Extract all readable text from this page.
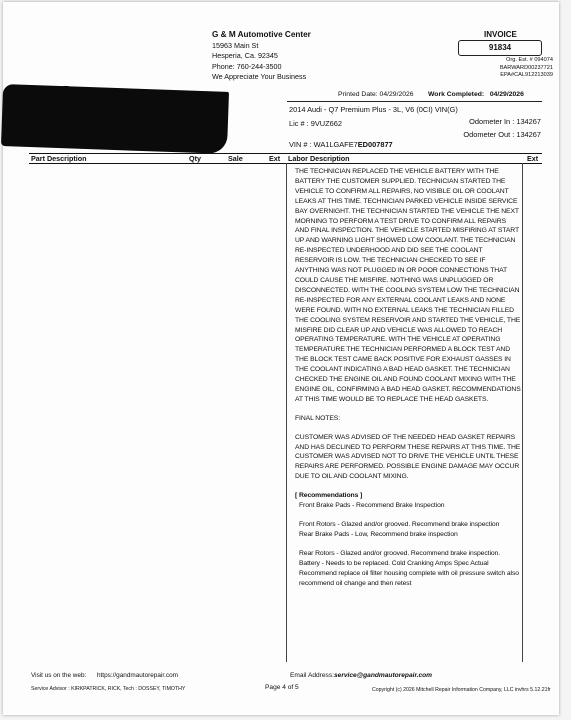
G & M Automotive Center
15963 Main St
Hesperia, Ca. 92345
Phone: 760-244-3500
We Appreciate Your Business
INVOICE
91834
Org. Est. # 094074
BARWARD00237721
EPA#CAL912213039
Printed Date: 04/29/2026 Work Completed: 04/29/2026
2014 Audi - Q7 Premium Plus - 3L, V6 (0CI) VIN(G)
Lic # : 9VUZ662	Odometer In : 134267
Odometer Out : 134267
VIN # : WA1LGAFE7ED007877
Part Description	Qty	Sale	Ext Labor Description	Ext

THE TECHNICIAN REPLACED THE VEHICLE BATTERY WITH THE BATTERY THE CUSTOMER SUPPLIED. TECHNICIAN STARTED THE VEHICLE TO CONFIRM ALL REPAIRS, NO VISIBLE OIL OR COOLANT LEAKS AT THIS TIME. TECHNICIAN PARKED VEHICLE INSIDE SERVICE BAY OVERNIGHT. THE TECHNICIAN STARTED THE VEHICLE THE NEXT MORNING TO PERFORM A TEST DRIVE TO CONFIRM ALL REPAIRS AND FINAL INSPECTION. THE VEHICLE STARTED MISFIRING AT START UP AND WARNING LIGHT SHOWED LOW COOLANT. THE TECHNICIAN RE-INSPECTED UNDERHOOD AND DID SEE THE COOLANT RESERVOIR IS LOW. THE TECHNICIAN CHECKED TO SEE IF ANYTHING WAS NOT PLUGGED IN OR POOR CONNECTIONS THAT COULD CAUSE THE MISFIRE. NOTHING WAS UNPLUGGED OR DISCONNECTED. WITH THE COOLING SYSTEM LOW THE TECHNICIAN RE-INSPECTED FOR ANY EXTERNAL COOLANT LEAKS AND NONE WERE FOUND. WITH NO EXTERNAL LEAKS THE TECHNICIAN FILLED THE COOLING SYSTEM RESERVOIR AND STARTED THE VEHICLE, THE MISFIRE DID CLEAR UP AND VEHICLE WAS ALLOWED TO REACH OPERATING TEMPERATURE. WITH THE VEHICLE AT OPERATING TEMPERATURE THE TECHNICIAN PERFORMED A BLOCK TEST AND THE BLOCK TEST CAME BACK POSITIVE FOR EXHAUST GASSES IN THE COOLANT INDICATING A BAD HEAD GASKET. THE TECHNICIAN CHECKED THE ENGINE OIL AND FOUND COOLANT MIXING WITH THE ENGINE OIL, CONFIRMING A BAD HEAD GASKET. RECOMMENDATIONS AT THIS TIME WOULD BE TO REPLACE THE HEAD GASKETS.

FINAL NOTES:

CUSTOMER WAS ADVISED OF THE NEEDED HEAD GASKET REPAIRS AND HAS DECLINED TO PERFORM THESE REPAIRS AT THIS TIME. THE CUSTOMER WAS ADVISED NOT TO DRIVE THE VEHICLE UNTIL THESE REPAIRS ARE PERFORMED. POSSIBLE ENGINE DAMAGE MAY OCCUR DUE TO OIL AND COOLANT MIXING.

[ Recommendations ]

Front Brake Pads - Recommend Brake Inspection
Front Rotors - Glazed and/or grooved. Recommend brake inspection
Rear Brake Pads - Low, Recommend brake inspection
Rear Rotors - Glazed and/or grooved. Recommend brake inspection.
Battery - Needs to be replaced. Cold Cranking Amps Spec Actual
Recommend replace oil filter housing complete with oil pressure switch also recommend oil change and then retest
Visit us on the web: https://gandmautorepair.com	Email Address:service@gandmautorepair.com
Service Advisor : KIRKPATRICK, RICK, Tech : DOSSEY, TIMOTHY	Page 4 of 5	Copyright (c) 2026 Mitchell Repair Information Company, LLC invhrs 5.12.21fr
